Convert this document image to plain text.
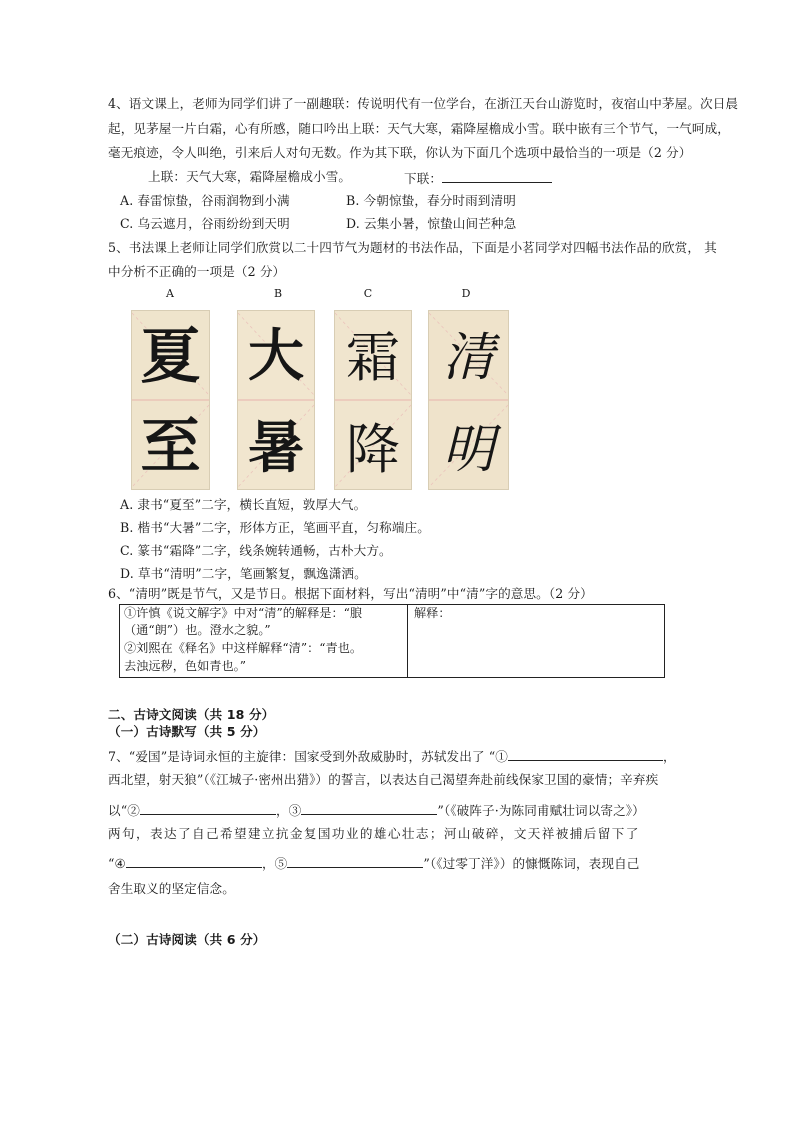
4、语文课上，老师为同学们讲了一副趣联：传说明代有一位学台，在浙江天台山游览时，夜宿山中茅屋。次日晨
起，见茅屋一片白霜，心有所感，随口吟出上联：天气大寒，霜降屋檐成小雪。联中嵌有三个节气，一气呵成，
毫无痕迹，令人叫绝，引来后人对句无数。作为其下联，你认为下面几个选项中最恰当的一项是（2 分）
上联：天气大寒，霜降屋檐成小雪。	下联：
A. 春雷惊蛰，谷雨润物到小满	B. 今朝惊蛰，春分时雨到清明
C. 乌云遮月，谷雨纷纷到天明	D. 云集小暑，惊蛰山间芒种急
5、书法课上老师让同学们欣赏以二十四节气为题材的书法作品，下面是小茗同学对四幅书法作品的欣赏， 其
中分析不正确的一项是（2 分）
A	B	C	D
夏
至
大
暑
霜
降
清
明
A. 隶书“夏至”二字，横长直短，敦厚大气。
B. 楷书“大暑”二字，形体方正，笔画平直，匀称端庄。
C. 篆书“霜降”二字，线条婉转通畅，古朴大方。
D. 草书“清明”二字，笔画繁复，飘逸潇洒。
6、“清明”既是节气，又是节日。根据下面材料，写出“清明”中“清”字的意思。（2 分）
①许慎《说文解字》中对“清”的解释是：“朖
（通“朗”）也。澄水之貌。”
②刘熙在《释名》中这样解释“清”：“青也。
去浊远秽，色如青也。”
解释：
二、古诗文阅读（共 18 分）
（一）古诗默写（共 5 分）
7、“爱国”是诗词永恒的主旋律：国家受到外敌威胁时，苏轼发出了 “①	，
西北望，射天狼”（《江城子·密州出猎》）的誓言，以表达自己渴望奔赴前线保家卫国的豪情；辛弃疾
以“②	，③	”（《破阵子·为陈同甫赋壮词以寄之》）
两句，表达了自己希望建立抗金复国功业的雄心壮志；河山破碎，文天祥被捕后留下了
“④	，⑤	”（《过零丁洋》）的慷慨陈词，表现自己
舍生取义的坚定信念。
（二）古诗阅读（共 6 分）
